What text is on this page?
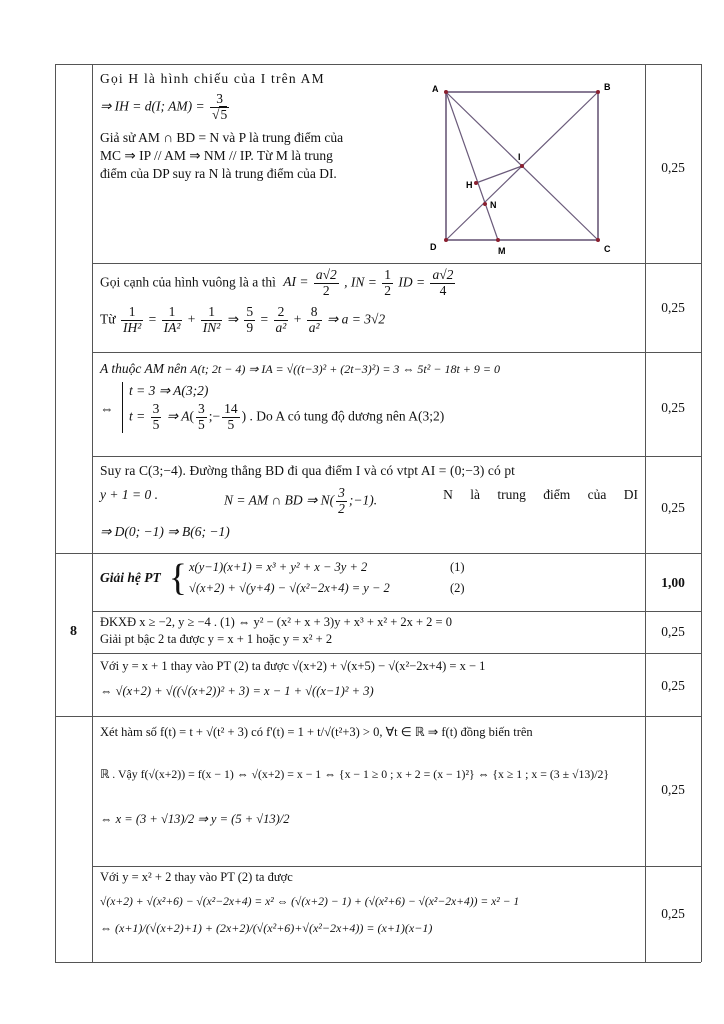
Gọi H là hình chiếu của I trên AM
⇒ IH = d(I; $AM) = \frac{3}{√5}$
Giả sử AM ∩ BD = N và P là trung điểm của
MC ⇒ IP // AM ⇒ NM // IP. Từ M là trung
điểm của DP suy ra N là trung điểm của DI.
A	B
C
D
I
H
N
M
0,25
Gọi cạnh của hình vuông là a thì AI = $\frac{a√2}{2}$ , IN = $\frac{1}{2}$ ID = $\frac{a√2}{4}$
Từ $\frac{1}{\text{IH²}} = \frac{1}{\text{IA²}} + \frac{1}{\text{IN²}}$ ⇒ $\frac{5}{9} = \frac{2}{\text{a²}} + \frac{8}{\text{a²}}$ ⇒ a = 3√2
0,25
A thuộc AM nên A(t; 2t − 4) ⇒ IA = √((t−3)² + (2t−3)²) = 3 ⇔ 5t² − 18t + 9 = 0
⇔
t = 3 ⇒ A(3;2)
$t = \frac{3}{5}$ ⇒ $A( \frac{3}{5}$ ;− $\frac{14}{5}$ ) . Do A có tung độ dương nên A(3;2)
0,25
Suy ra C(3;−4). Đường thẳng BD đi qua điểm I và có vtpt AI = (0;−3) có pt
y + 1 = 0 .	N = AM ∩ BD ⇒ $N( \frac{3}{2}$ ;−1).	N là trung điểm của DI
⇒ D(0; −1) ⇒ B(6; −1)
0,25
8
Giải hệ PT { x(y−1)(x+1) = x³ + y² + x − 3y + 2	(1)
√(x+2) + √(y+4) − √(x²−2x+4) = y − 2	(2)	1,00
ĐKXĐ x ≥ −2, y ≥ −4 . (1) ⇔ y² − (x² + x + 3)y + x³ + x² + 2x + 2 = 0
Giải pt bậc 2 ta được y = x + 1 hoặc y = x² + 2	0,25
Với y = x + 1 thay vào PT (2) ta được √(x+2) + √(x+5) − √(x²−2x+4) = x − 1
⇔ √(x+2) + √((√(x+2))² + 3) = x − 1 + √((x−1)² + 3)	0,25
Xét hàm số f(t) = t + √(t² + 3) có f'(t) = 1 + t/√(t²+3) > 0, ∀t ∈ ℝ ⇒ f(t) đồng biến trên
ℝ . Vậy f(√(x+2)) = f(x − 1) ⇔ √(x+2) = x − 1 ⇔ {x − 1 ≥ 0 ; x + 2 = (x − 1)²} ⇔ {x ≥ 1 ; x = (3 ± √13)/2}
⇔ x = (3 + √13)/2 ⇒ y = (5 + √13)/2
0,25
Với y = x² + 2 thay vào PT (2) ta được
√(x+2) + √(x²+6) − √(x²−2x+4) = x² ⇔ (√(x+2) − 1) + (√(x²+6) − √(x²−2x+4)) = x² − 1
⇔ (x+1)/(√(x+2)+1) + (2x+2)/(√(x²+6)+√(x²−2x+4)) = (x+1)(x−1)
0,25
